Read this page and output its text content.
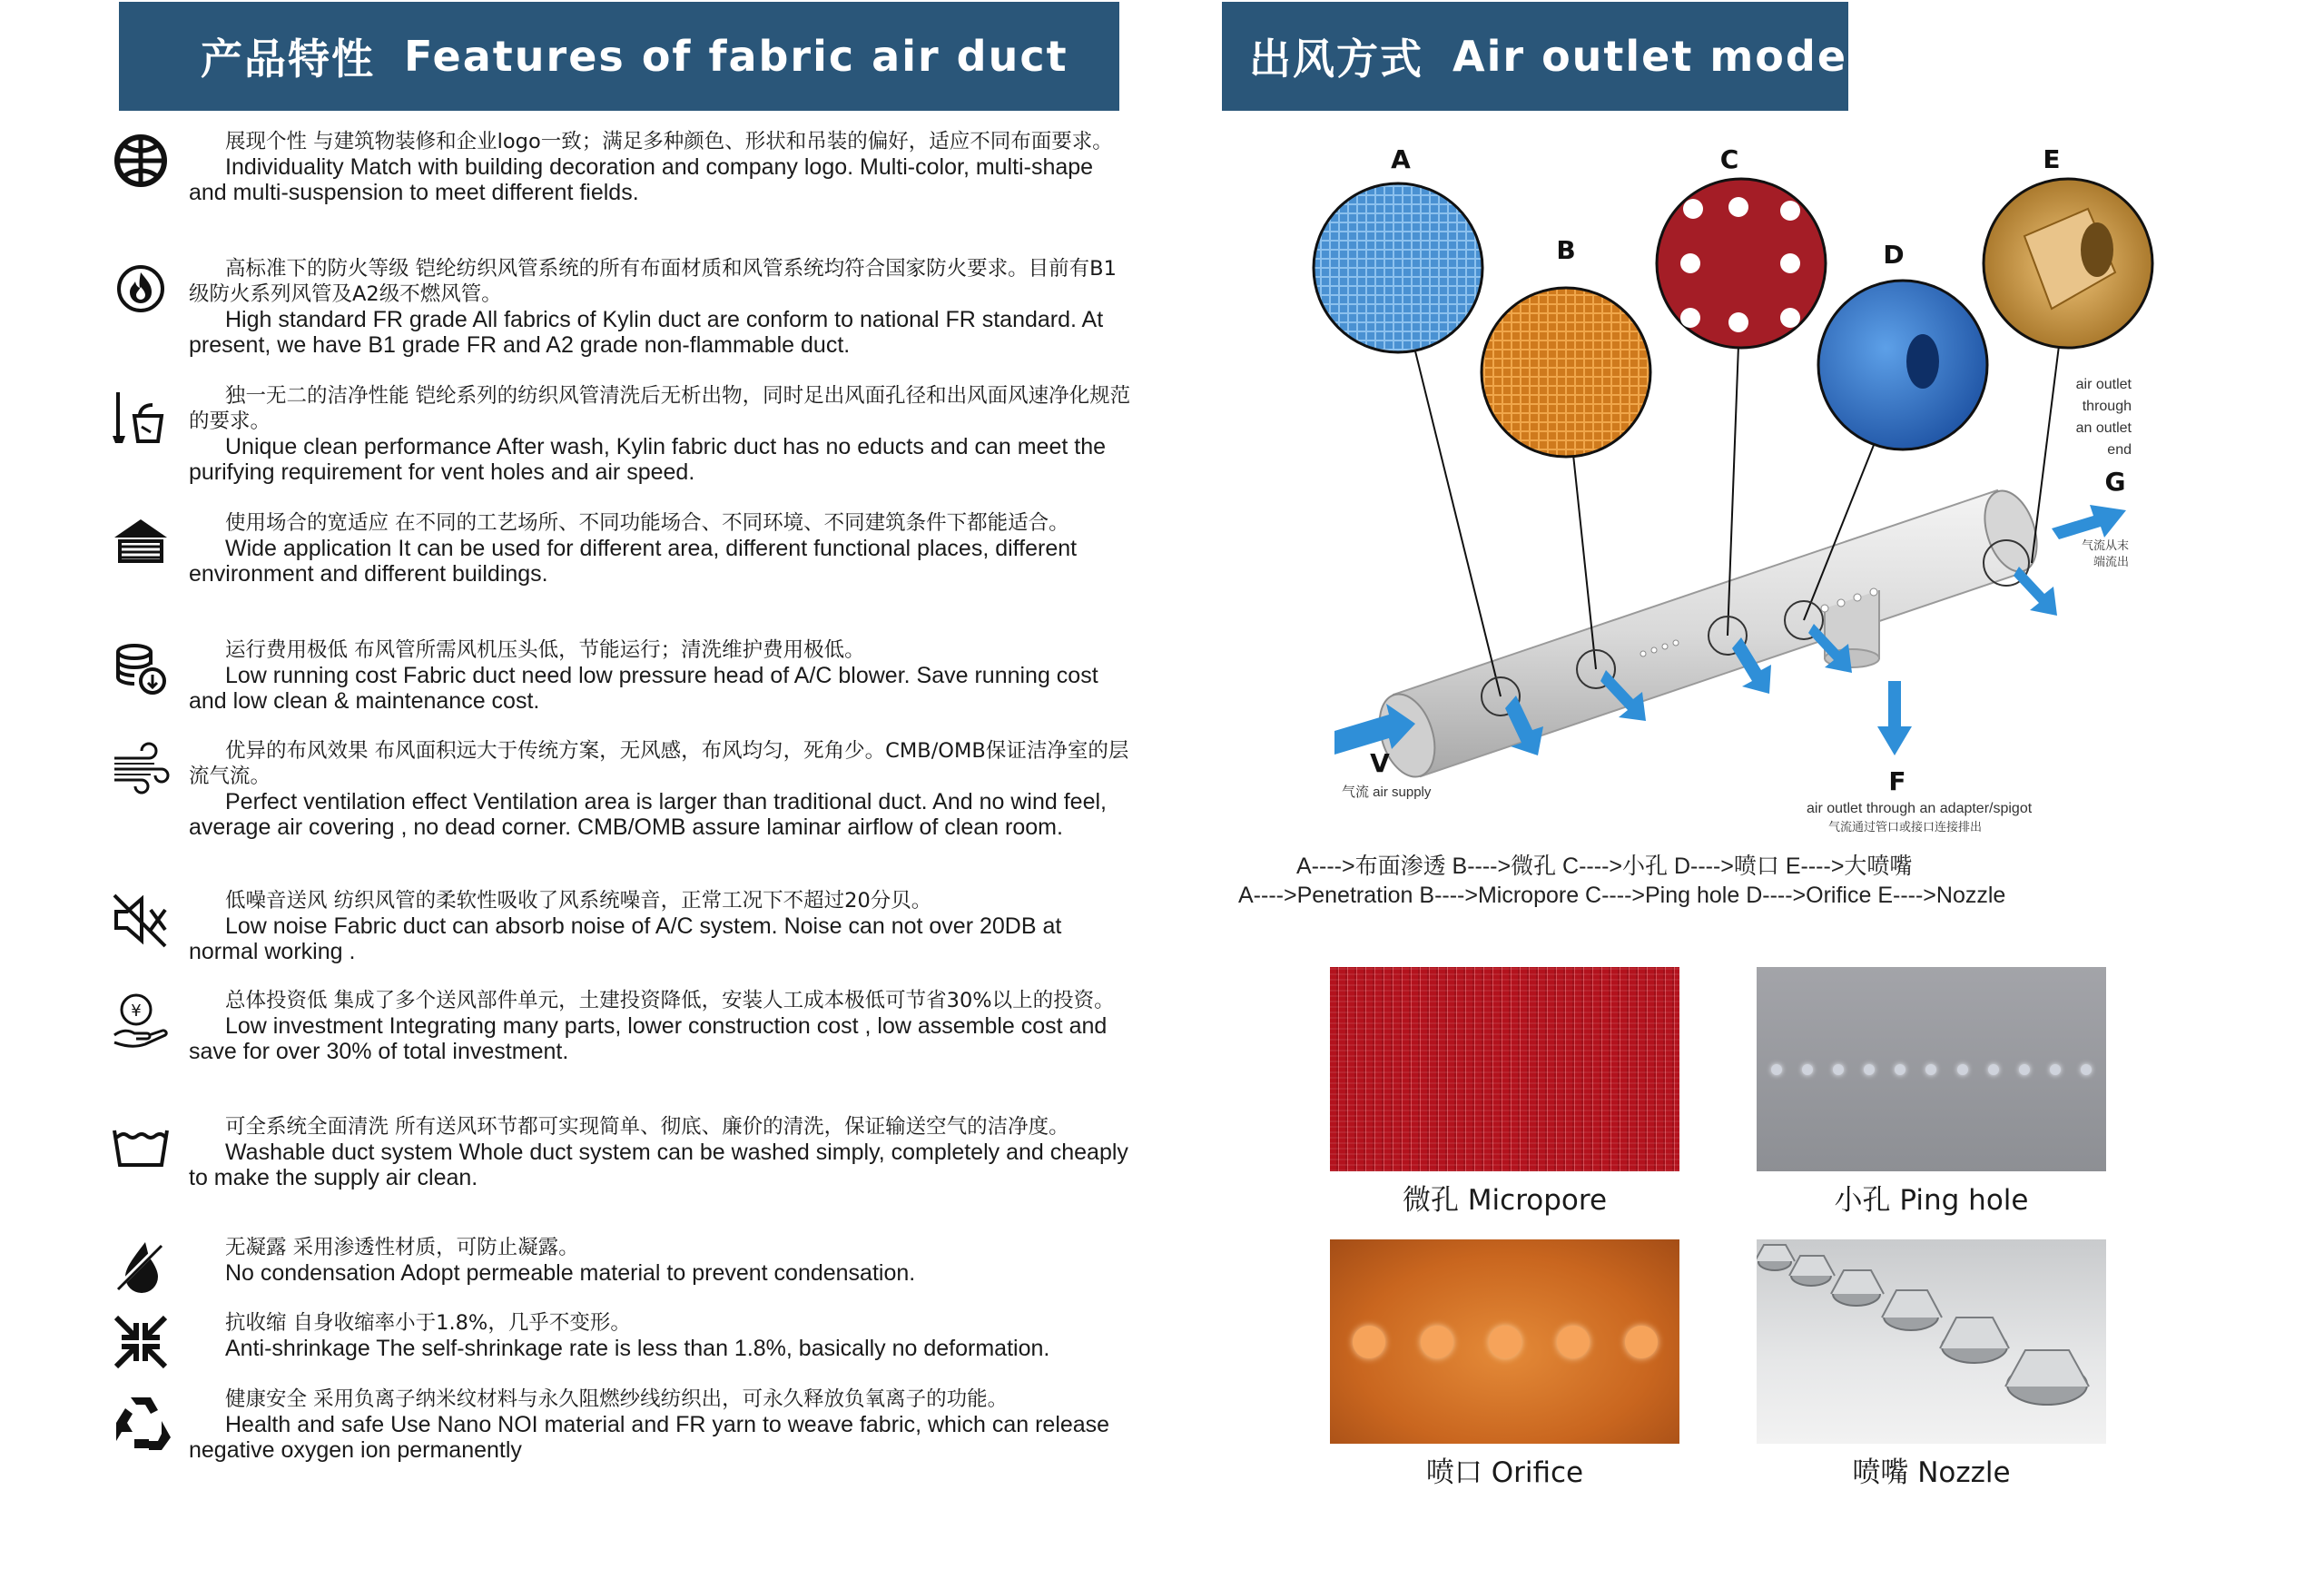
产品特性 Features of fabric air duct	出风方式 Air outlet mode
展现个性 与建筑物装修和企业logo一致；满足多种颜色、形状和吊装的偏好，适应不同布面要求。
Individuality Match with building decoration and company logo. Multi-color, multi-shape and multi-suspension to meet different fields.
高标准下的防火等级 铠纶纺织风管系统的所有布面材质和风管系统均符合国家防火要求。目前有B1级防火系列风管及A2级不燃风管。
High standard FR grade All fabrics of Kylin duct are conform to national FR standard. At present, we have B1 grade FR and A2 grade non-flammable duct.
独一无二的洁净性能 铠纶系列的纺织风管清洗后无析出物，同时足出风面孔径和出风面风速净化规范的要求。
Unique clean performance After wash, Kylin fabric duct has no educts and can meet the purifying requirement for vent holes and air speed.
使用场合的宽适应 在不同的工艺场所、不同功能场合、不同环境、不同建筑条件下都能适合。
Wide application It can be used for different area, different functional places, different environment and different buildings.
运行费用极低 布风管所需风机压头低，节能运行；清洗维护费用极低。
Low running cost Fabric duct need low pressure head of A/C blower. Save running cost and low clean & maintenance cost.
优异的布风效果 布风面积远大于传统方案，无风感，布风均匀，死角少。CMB/OMB保证洁净室的层流气流。
Perfect ventilation effect Ventilation area is larger than traditional duct. And no wind feel, average air covering , no dead corner. CMB/OMB assure laminar airflow of clean room.
低噪音送风 纺织风管的柔软性吸收了风系统噪音，正常工况下不超过20分贝。
Low noise Fabric duct can absorb noise of A/C system. Noise can not over 20DB at normal working .
¥	总体投资低 集成了多个送风部件单元，土建投资降低，安装人工成本极低可节省30%以上的投资。
Low investment Integrating many parts, lower construction cost , low assemble cost and save for over 30% of total investment.
可全系统全面清洗 所有送风环节都可实现简单、彻底、廉价的清洗，保证输送空气的洁净度。
Washable duct system Whole duct system can be washed simply, completely and cheaply to make the supply air clean.
无凝露 采用渗透性材质，可防止凝露。
No condensation Adopt permeable material to prevent condensation.
抗收缩 自身收缩率小于1.8%，几乎不变形。
Anti-shrinkage The self-shrinkage rate is less than 1.8%, basically no deformation.
健康安全 采用负离子纳米纹材料与永久阻燃纱线纺织出，可永久释放负氧离子的功能。
Health and safe Use Nano NOI material and FR yarn to weave fabric, which can release negative oxygen ion permanently
A
B
C
D
E
V
F
G
气流 air supply
air outlet through an adapter/spigot
气流通过管口或接口连接排出
air outlet
through
an outlet
end
气流从末
端流出
A---->布面渗透 B---->微孔 C---->小孔 D---->喷口 E---->大喷嘴
A---->Penetration B---->Micropore C---->Ping hole D---->Orifice E---->Nozzle
微孔 Micropore	小孔 Ping hole
喷口 Orifice	喷嘴 Nozzle
